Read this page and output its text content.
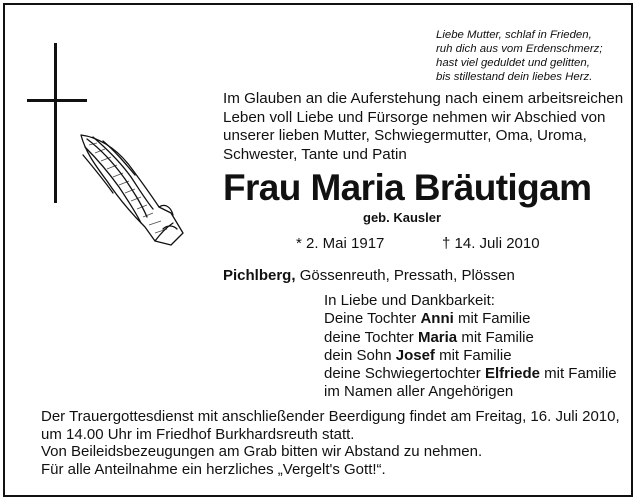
Liebe Mutter, schlaf in Frieden,
ruh dich aus vom Erdenschmerz;
hast viel geduldet und gelitten,
bis stillestand dein liebes Herz.
Im Glauben an die Auferstehung nach einem arbeitsreichen
Leben voll Liebe und Fürsorge nehmen wir Abschied von
unserer lieben Mutter, Schwiegermutter, Oma, Uroma,
Schwester, Tante und Patin
Frau Maria Bräutigam
geb. Kausler
* 2. Mai 1917	† 14. Juli 2010
Pichlberg, Gössenreuth, Pressath, Plössen
In Liebe und Dankbarkeit:
Deine Tochter Anni mit Familie
deine Tochter Maria mit Familie
dein Sohn Josef mit Familie
deine Schwiegertochter Elfriede mit Familie
im Namen aller Angehörigen
Der Trauergottesdienst mit anschließender Beerdigung findet am Freitag, 16. Juli 2010,
um 14.00 Uhr im Friedhof Burkhardsreuth statt.
Von Beileidsbezeugungen am Grab bitten wir Abstand zu nehmen.
Für alle Anteilnahme ein herzliches „Vergelt's Gott!“.
